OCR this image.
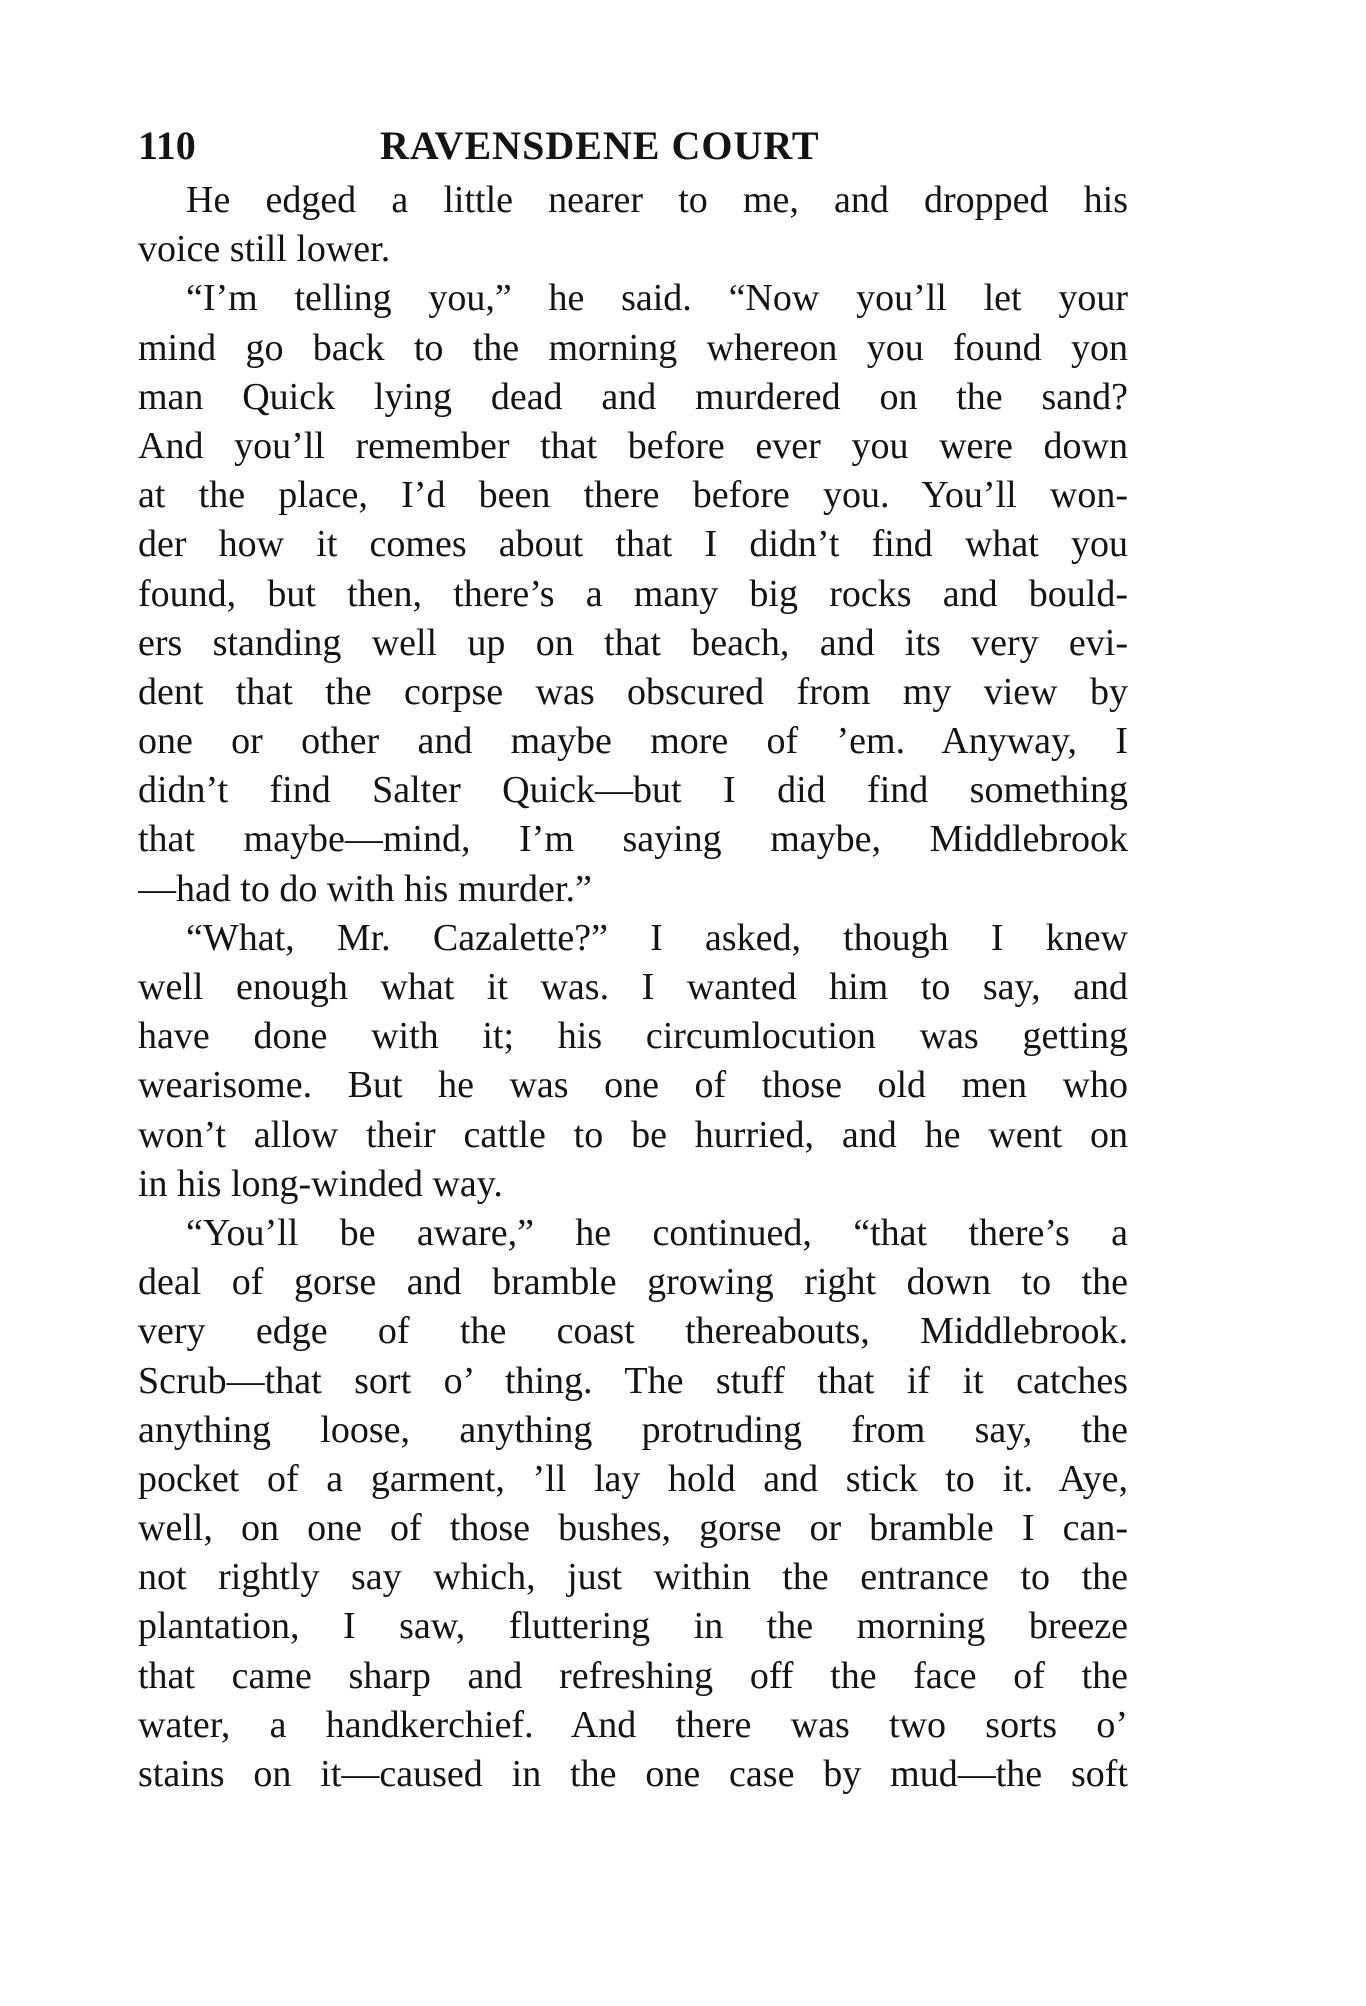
110	RAVENSDENE COURT
He edged a little nearer to me, and dropped his
voice still lower.
“I’m telling you,” he said. “Now you’ll let your
mind go back to the morning whereon you found yon
man Quick lying dead and murdered on the sand?
And you’ll remember that before ever you were down
at the place, I’d been there before you. You’ll won-
der how it comes about that I didn’t find what you
found, but then, there’s a many big rocks and bould-
ers standing well up on that beach, and its very evi-
dent that the corpse was obscured from my view by
one or other and maybe more of ’em. Anyway, I
didn’t find Salter Quick—but I did find something
that maybe—mind, I’m saying maybe, Middlebrook
—had to do with his murder.”
“What, Mr. Cazalette?” I asked, though I knew
well enough what it was. I wanted him to say, and
have done with it; his circumlocution was getting
wearisome. But he was one of those old men who
won’t allow their cattle to be hurried, and he went on
in his long-winded way.
“You’ll be aware,” he continued, “that there’s a
deal of gorse and bramble growing right down to the
very edge of the coast thereabouts, Middlebrook.
Scrub—that sort o’ thing. The stuff that if it catches
anything loose, anything protruding from say, the
pocket of a garment, ’ll lay hold and stick to it. Aye,
well, on one of those bushes, gorse or bramble I can-
not rightly say which, just within the entrance to the
plantation, I saw, fluttering in the morning breeze
that came sharp and refreshing off the face of the
water, a handkerchief. And there was two sorts o’
stains on it—caused in the one case by mud—the soft
